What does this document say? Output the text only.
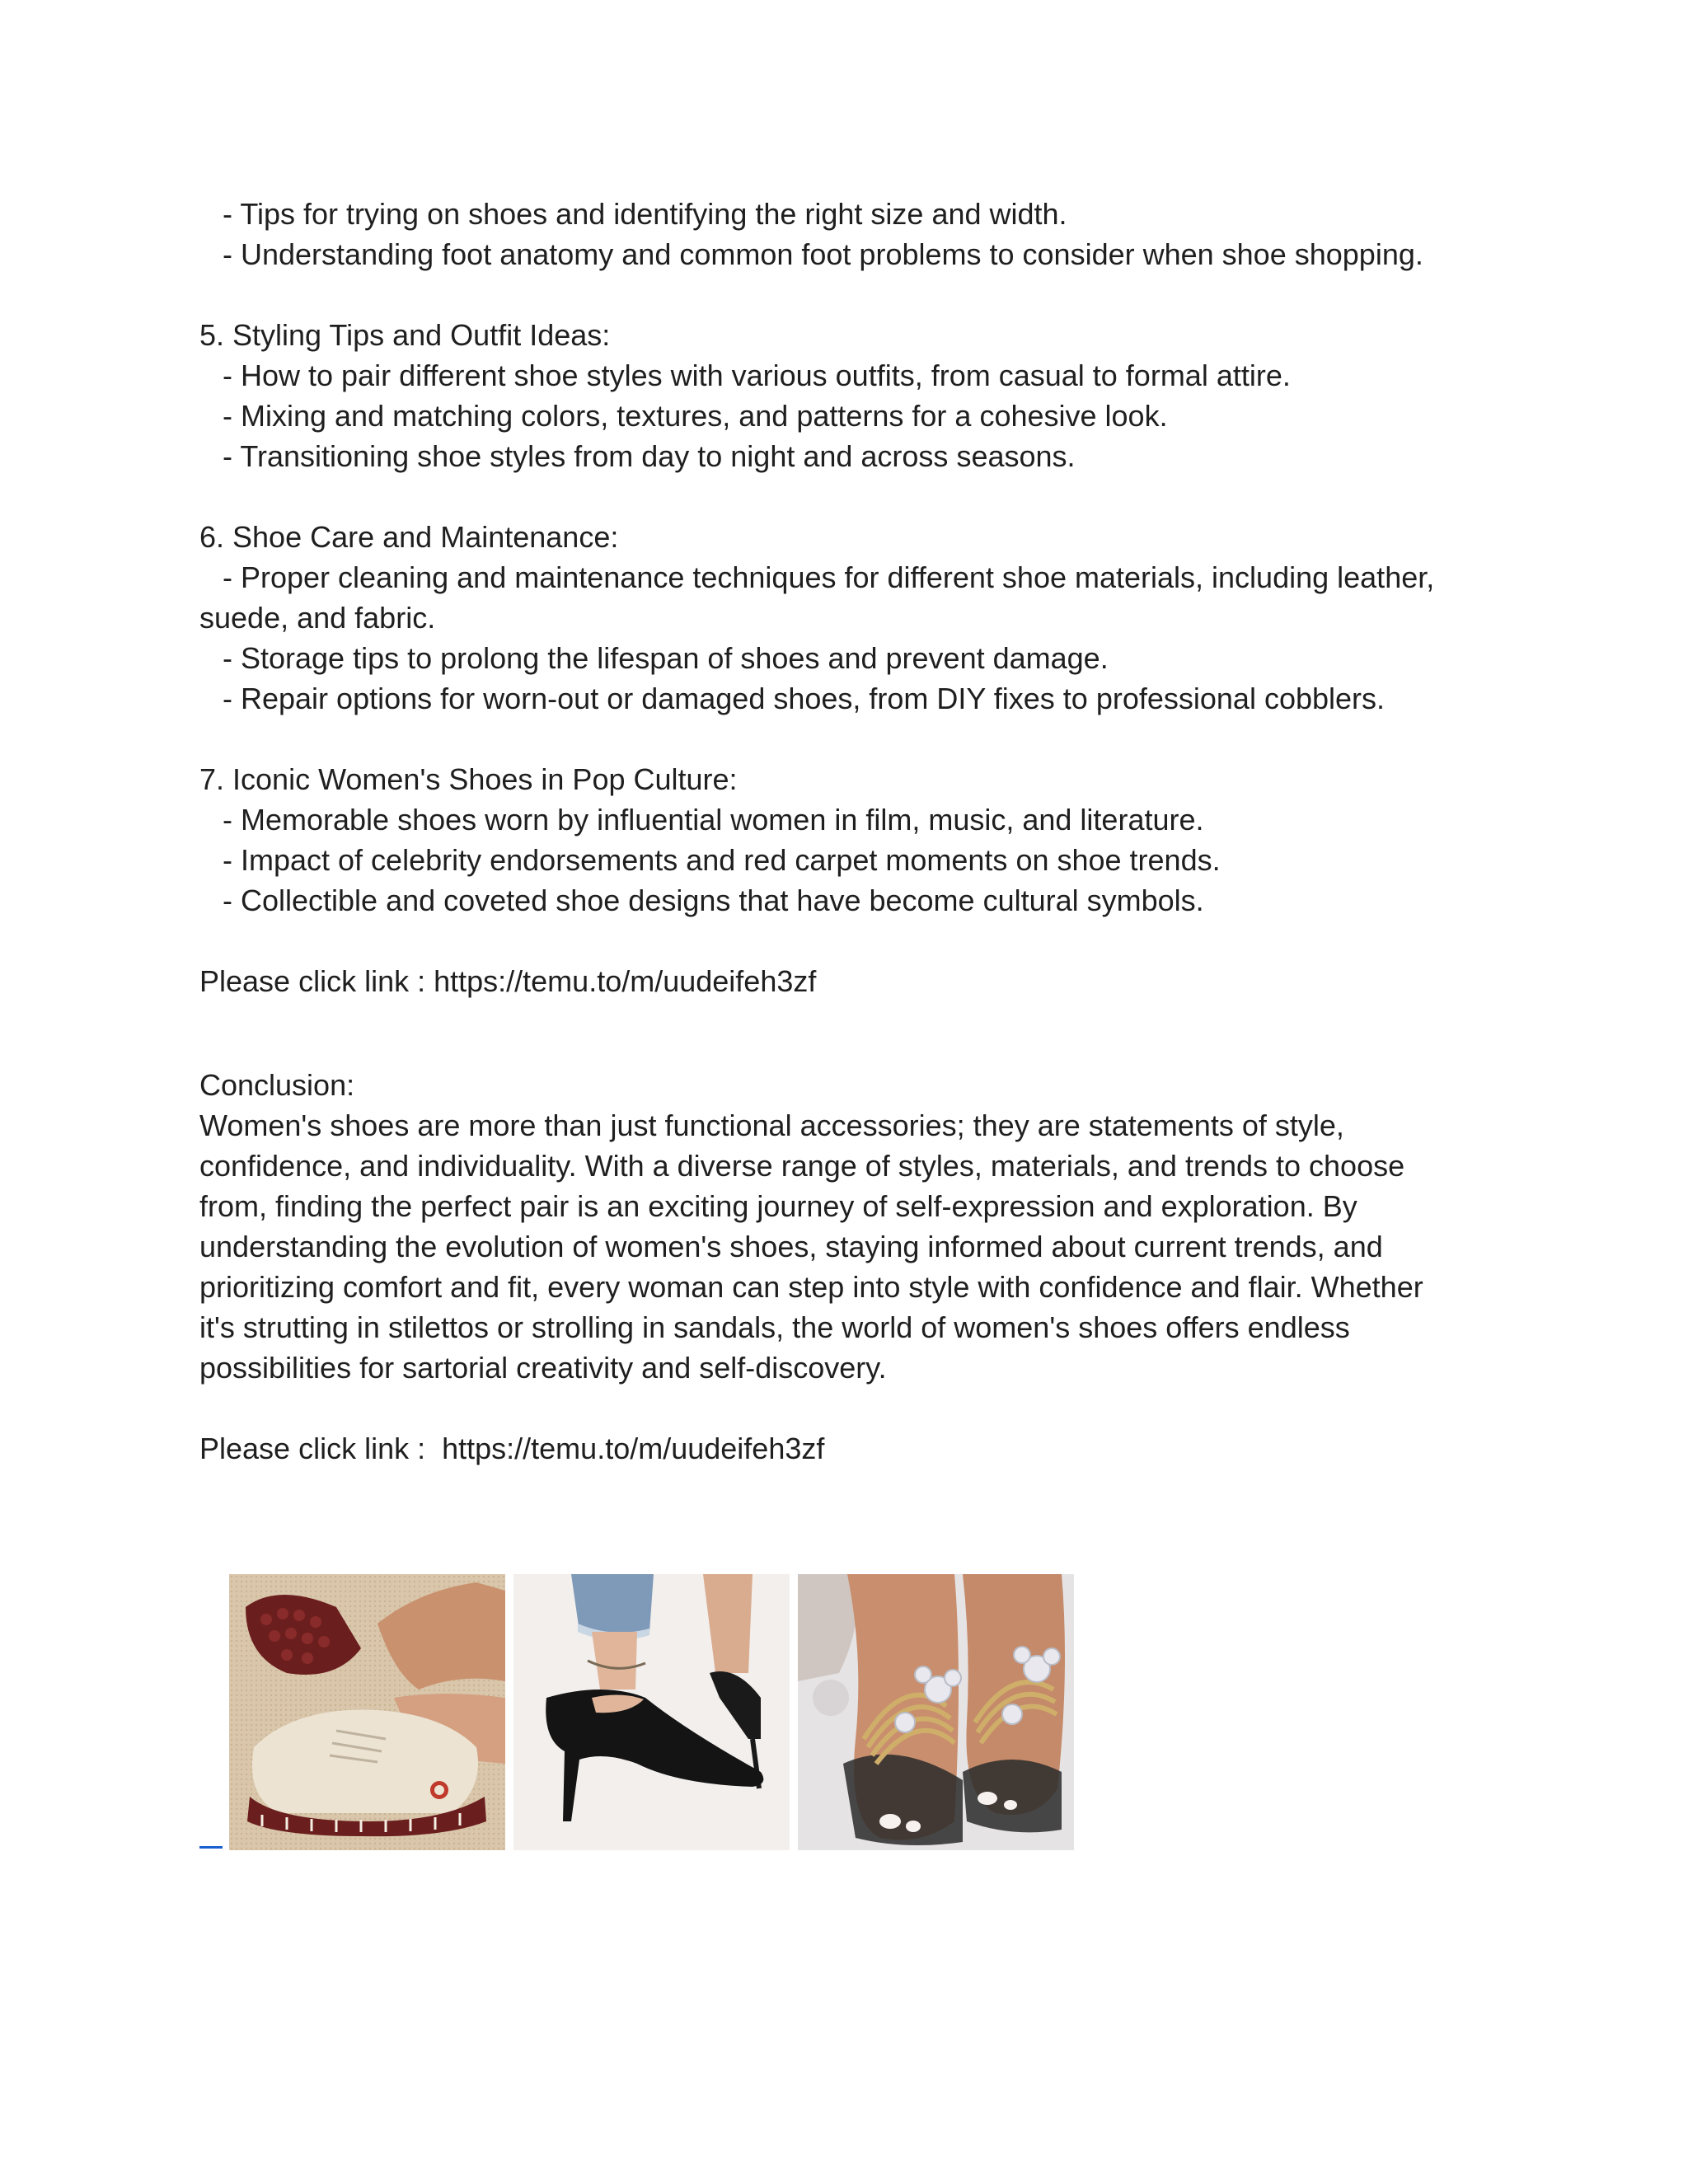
- Tips for trying on shoes and identifying the right size and width.
- Understanding foot anatomy and common foot problems to consider when shoe shopping.
5. Styling Tips and Outfit Ideas:
- How to pair different shoe styles with various outfits, from casual to formal attire.
- Mixing and matching colors, textures, and patterns for a cohesive look.
- Transitioning shoe styles from day to night and across seasons.
6. Shoe Care and Maintenance:
- Proper cleaning and maintenance techniques for different shoe materials, including leather,
suede, and fabric.
- Storage tips to prolong the lifespan of shoes and prevent damage.
- Repair options for worn-out or damaged shoes, from DIY fixes to professional cobblers.
7. Iconic Women's Shoes in Pop Culture:
- Memorable shoes worn by influential women in film, music, and literature.
- Impact of celebrity endorsements and red carpet moments on shoe trends.
- Collectible and coveted shoe designs that have become cultural symbols.
Please click link : https://temu.to/m/uudeifeh3zf
Conclusion:
Women's shoes are more than just functional accessories; they are statements of style,
confidence, and individuality. With a diverse range of styles, materials, and trends to choose
from, finding the perfect pair is an exciting journey of self-expression and exploration. By
understanding the evolution of women's shoes, staying informed about current trends, and
prioritizing comfort and fit, every woman can step into style with confidence and flair. Whether
it's strutting in stilettos or strolling in sandals, the world of women's shoes offers endless
possibilities for sartorial creativity and self-discovery.
Please click link :  https://temu.to/m/uudeifeh3zf
